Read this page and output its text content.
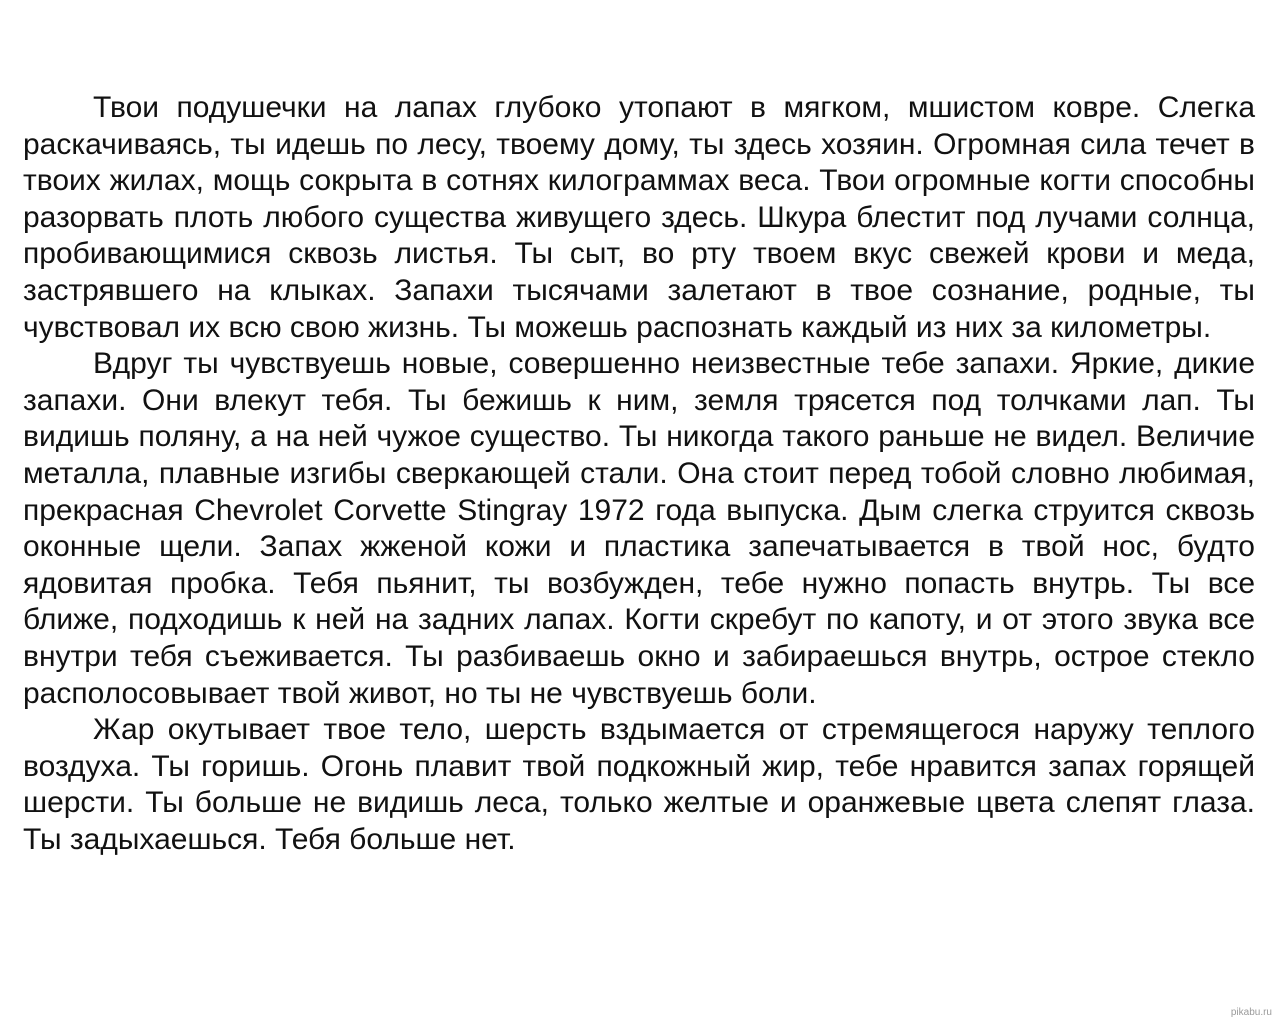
Твои подушечки на лапах глубоко утопают в мягком, мшистом ковре. Слегка раскачиваясь, ты идешь по лесу, твоему дому, ты здесь хозяин. Огромная сила течет в твоих жилах, мощь сокрыта в сотнях килограммах веса. Твои огромные когти способны разорвать плоть любого существа живущего здесь. Шкура блестит под лучами солнца, пробивающимися сквозь листья. Ты сыт, во рту твоем вкус свежей крови и меда, застрявшего на клыках. Запахи тысячами залетают в твое сознание, родные, ты чувствовал их всю свою жизнь. Ты можешь распознать каждый из них за километры.

Вдруг ты чувствуешь новые, совершенно неизвестные тебе запахи. Яркие, дикие запахи. Они влекут тебя. Ты бежишь к ним, земля трясется под толчками лап. Ты видишь поляну, а на ней чужое существо. Ты никогда такого раньше не видел. Величие металла, плавные изгибы сверкающей стали. Она стоит перед тобой словно любимая, прекрасная Chevrolet Corvette Stingray 1972 года выпуска. Дым слегка струится сквозь оконные щели. Запах жженой кожи и пластика запечатывается в твой нос, будто ядовитая пробка. Тебя пьянит, ты возбужден, тебе нужно попасть внутрь. Ты все ближе, подходишь к ней на задних лапах. Когти скребут по капоту, и от этого звука все внутри тебя съеживается. Ты разбиваешь окно и забираешься внутрь, острое стекло располосовывает твой живот, но ты не чувствуешь боли.

Жар окутывает твое тело, шерсть вздымается от стремящегося наружу теплого воздуха. Ты горишь. Огонь плавит твой подкожный жир, тебе нравится запах горящей шерсти. Ты больше не видишь леса, только желтые и оранжевые цвета слепят глаза. Ты задыхаешься. Тебя больше нет.

pikabu.ru
